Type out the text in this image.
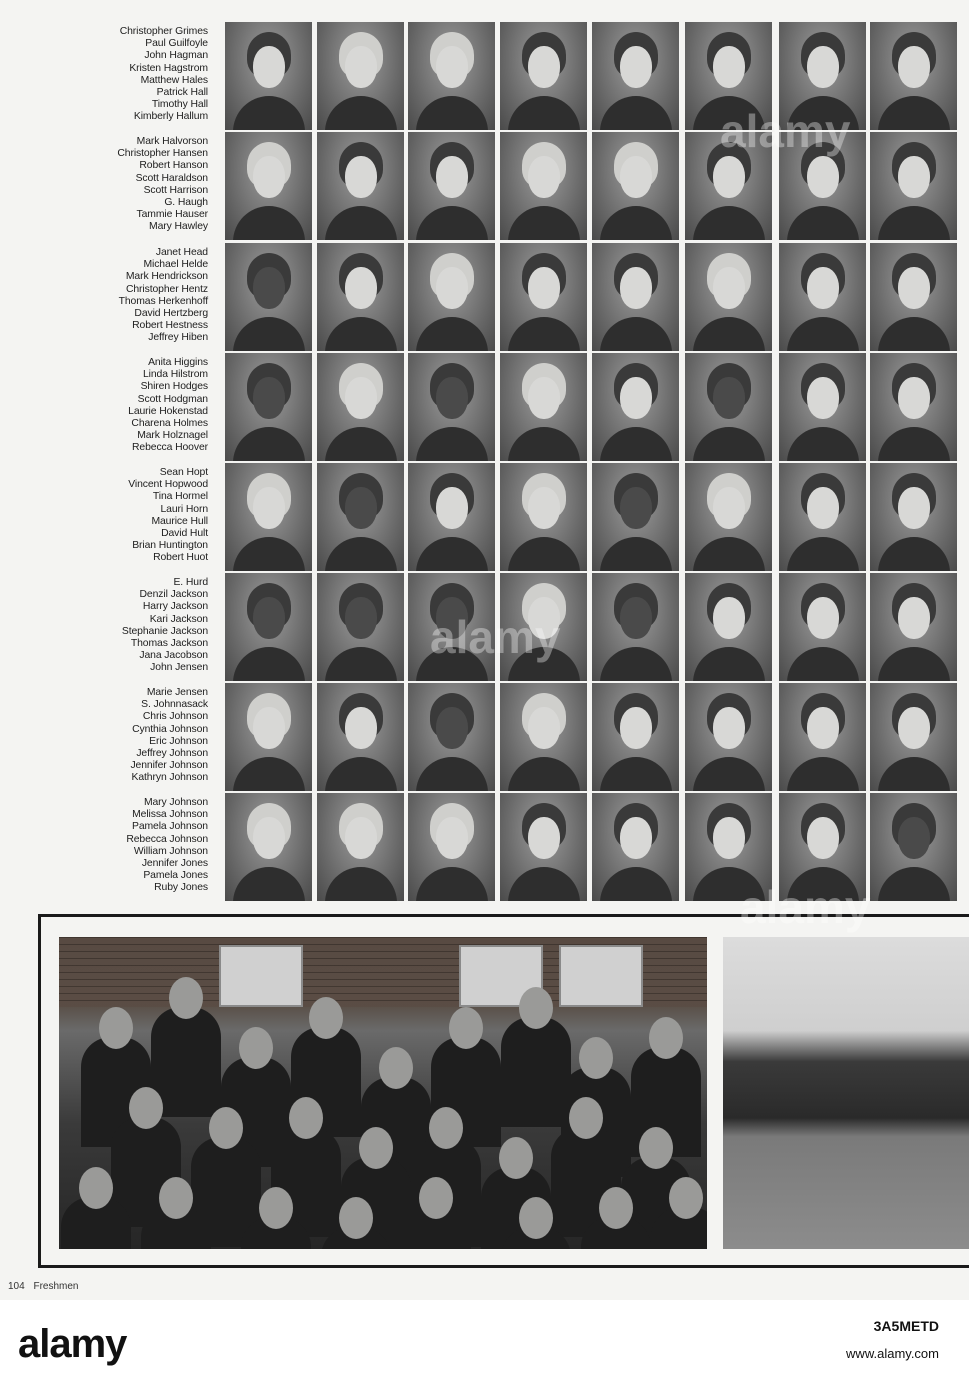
Christopher Grimes
Paul Guilfoyle
John Hagman
Kristen Hagstrom
Matthew Hales
Patrick Hall
Timothy Hall
Kimberly Hallum
Mark Halvorson
Christopher Hansen
Robert Hanson
Scott Haraldson
Scott Harrison
G. Haugh
Tammie Hauser
Mary Hawley
Janet Head
Michael Helde
Mark Hendrickson
Christopher Hentz
Thomas Herkenhoff
David Hertzberg
Robert Hestness
Jeffrey Hiben
Anita Higgins
Linda Hilstrom
Shiren Hodges
Scott Hodgman
Laurie Hokenstad
Charena Holmes
Mark Holznagel
Rebecca Hoover
Sean Hopt
Vincent Hopwood
Tina Hormel
Lauri Horn
Maurice Hull
David Hult
Brian Huntington
Robert Huot
E. Hurd
Denzil Jackson
Harry Jackson
Kari Jackson
Stephanie Jackson
Thomas Jackson
Jana Jacobson
John Jensen
Marie Jensen
S. Johnnasack
Chris Johnson
Cynthia Johnson
Eric Johnson
Jeffrey Johnson
Jennifer Johnson
Kathryn Johnson
Mary Johnson
Melissa Johnson
Pamela Johnson
Rebecca Johnson
William Johnson
Jennifer Jones
Pamela Jones
Ruby Jones
104 Freshmen
alamy
alamy
alamy
alamy	3A5METD
www.alamy.com
